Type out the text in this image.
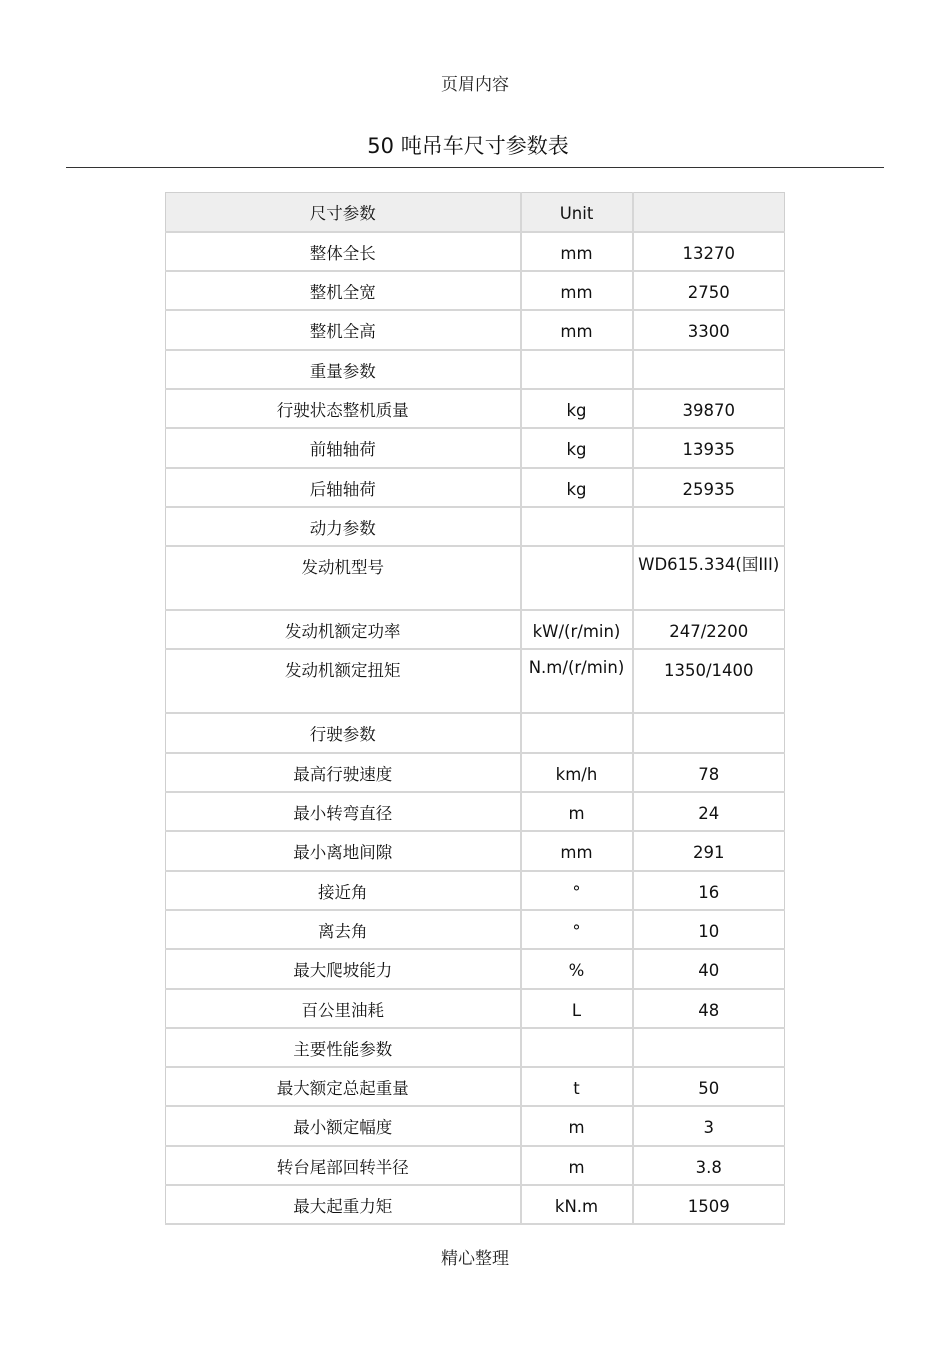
页眉内容
50 吨吊车尺寸参数表
尺寸参数	Unit	
整体全长	mm	13270
整机全宽	mm	2750
整机全高	mm	3300
重量参数		
行驶状态整机质量	kg	39870
前轴轴荷	kg	13935
后轴轴荷	kg	25935
动力参数		
发动机型号		WD615.334(国III)
发动机额定功率	kW/(r/min)	247/2200
发动机额定扭矩	N.m/(r/min)	1350/1400
行驶参数		
最高行驶速度	km/h	78
最小转弯直径	m	24
最小离地间隙	mm	291
接近角	°	16
离去角	°	10
最大爬坡能力	%	40
百公里油耗	L	48
主要性能参数		
最大额定总起重量	t	50
最小额定幅度	m	3
转台尾部回转半径	m	3.8
最大起重力矩	kN.m	1509
精心整理
